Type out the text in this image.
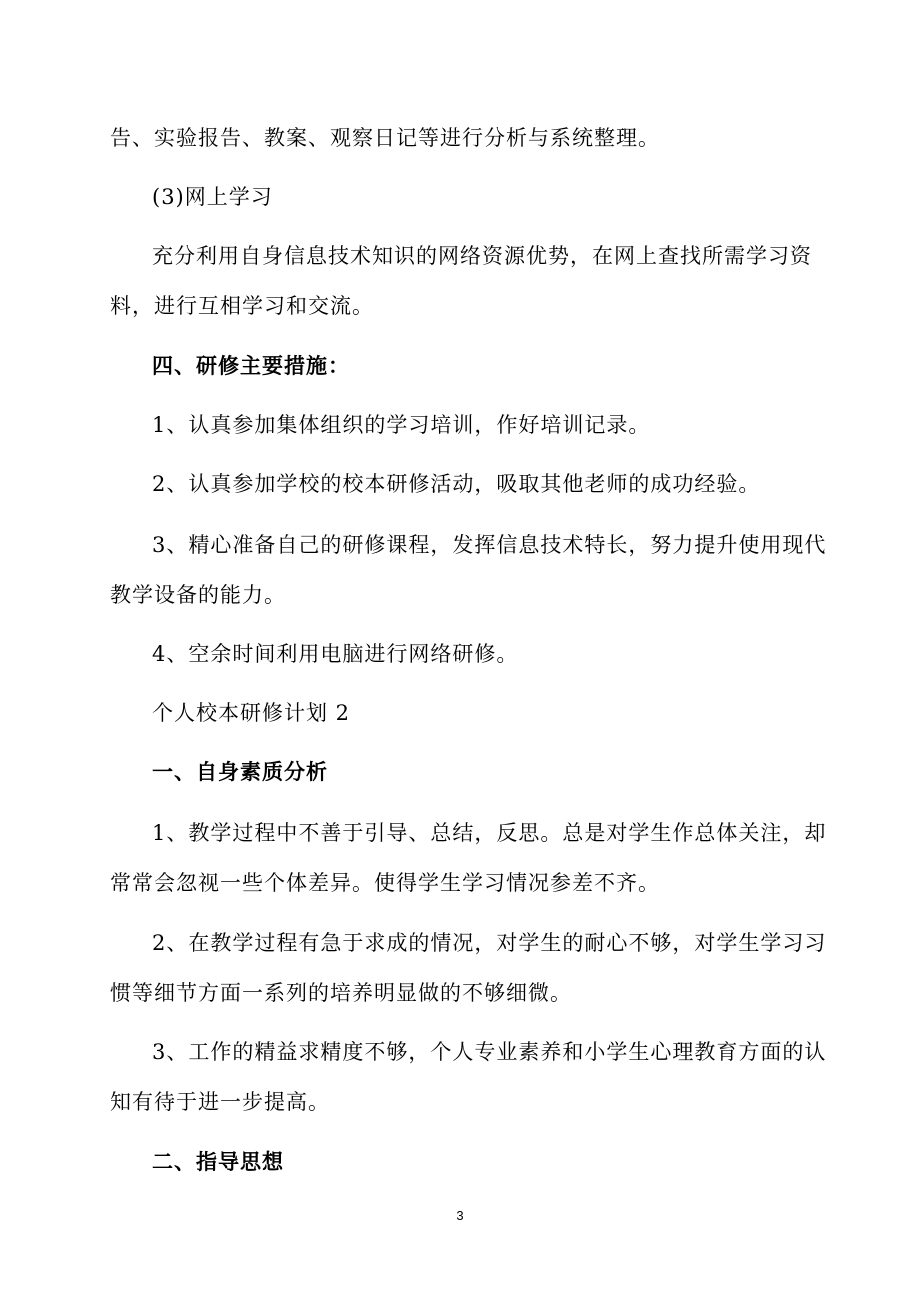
告、实验报告、教案、观察日记等进行分析与系统整理。
(3)网上学习
充分利用自身信息技术知识的网络资源优势，在网上查找所需学习资
料，进行互相学习和交流。
四、研修主要措施：
1、认真参加集体组织的学习培训，作好培训记录。
2、认真参加学校的校本研修活动，吸取其他老师的成功经验。
3、精心准备自己的研修课程，发挥信息技术特长，努力提升使用现代
教学设备的能力。
4、空余时间利用电脑进行网络研修。
个人校本研修计划 2
一、自身素质分析
1、教学过程中不善于引导、总结，反思。总是对学生作总体关注，却
常常会忽视一些个体差异。使得学生学习情况参差不齐。
2、在教学过程有急于求成的情况，对学生的耐心不够，对学生学习习
惯等细节方面一系列的培养明显做的不够细微。
3、工作的精益求精度不够，个人专业素养和小学生心理教育方面的认
知有待于进一步提高。
二、指导思想
3
